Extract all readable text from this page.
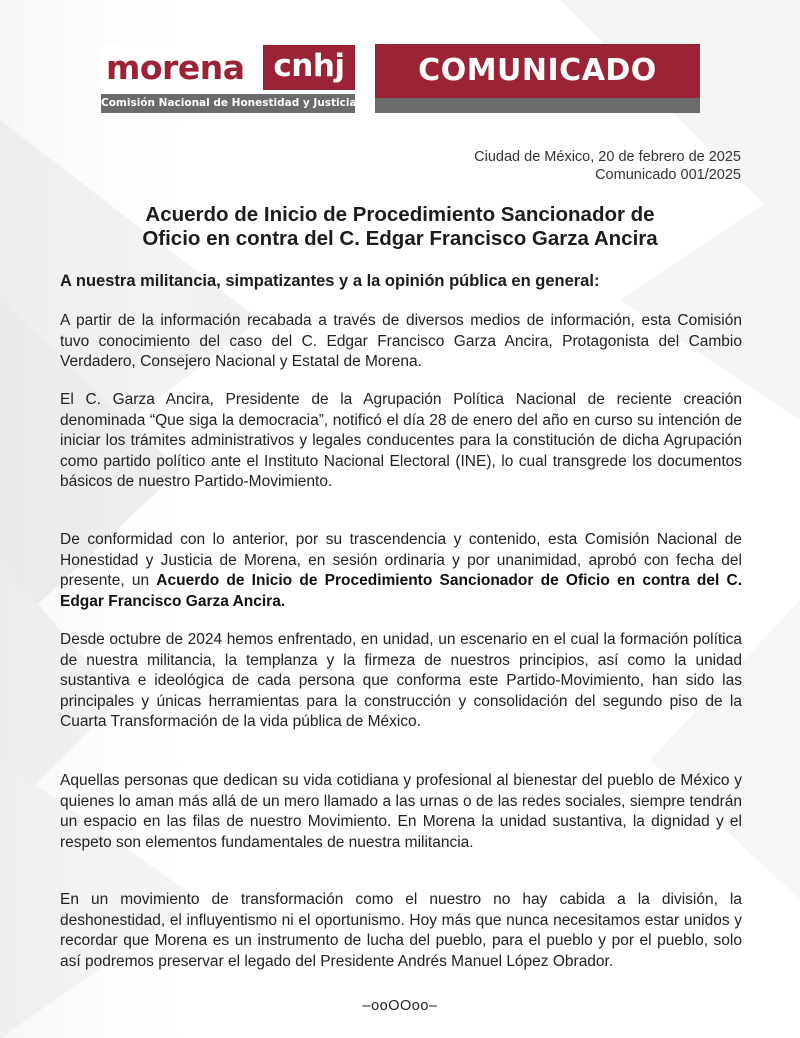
morena cnhj
Comisión Nacional de Honestidad y Justicia
COMUNICADO
Ciudad de México, 20 de febrero de 2025
Comunicado 001/2025
Acuerdo de Inicio de Procedimiento Sancionador de
Oficio en contra del C. Edgar Francisco Garza Ancira
A nuestra militancia, simpatizantes y a la opinión pública en general:
A partir de la información recabada a través de diversos medios de información, esta Comisión tuvo conocimiento del caso del C. Edgar Francisco Garza Ancira, Protagonista del Cambio Verdadero, Consejero Nacional y Estatal de Morena.
El C. Garza Ancira, Presidente de la Agrupación Política Nacional de reciente creación denominada “Que siga la democracia”, notificó el día 28 de enero del año en curso su intención de iniciar los trámites administrativos y legales conducentes para la constitución de dicha Agrupación como partido político ante el Instituto Nacional Electoral (INE), lo cual transgrede los documentos básicos de nuestro Partido-Movimiento.
De conformidad con lo anterior, por su trascendencia y contenido, esta Comisión Nacional de Honestidad y Justicia de Morena, en sesión ordinaria y por unanimidad, aprobó con fecha del presente, un Acuerdo de Inicio de Procedimiento Sancionador de Oficio en contra del C. Edgar Francisco Garza Ancira.
Desde octubre de 2024 hemos enfrentado, en unidad, un escenario en el cual la formación política de nuestra militancia, la templanza y la firmeza de nuestros principios, así como la unidad sustantiva e ideológica de cada persona que conforma este Partido-Movimiento, han sido las principales y únicas herramientas para la construcción y consolidación del segundo piso de la Cuarta Transformación de la vida pública de México.
Aquellas personas que dedican su vida cotidiana y profesional al bienestar del pueblo de México y quienes lo aman más allá de un mero llamado a las urnas o de las redes sociales, siempre tendrán un espacio en las filas de nuestro Movimiento. En Morena la unidad sustantiva, la dignidad y el respeto son elementos fundamentales de nuestra militancia.
En un movimiento de transformación como el nuestro no hay cabida a la división, la deshonestidad, el influyentismo ni el oportunismo. Hoy más que nunca necesitamos estar unidos y recordar que Morena es un instrumento de lucha del pueblo, para el pueblo y por el pueblo, solo así podremos preservar el legado del Presidente Andrés Manuel López Obrador.
–ooOOoo–
